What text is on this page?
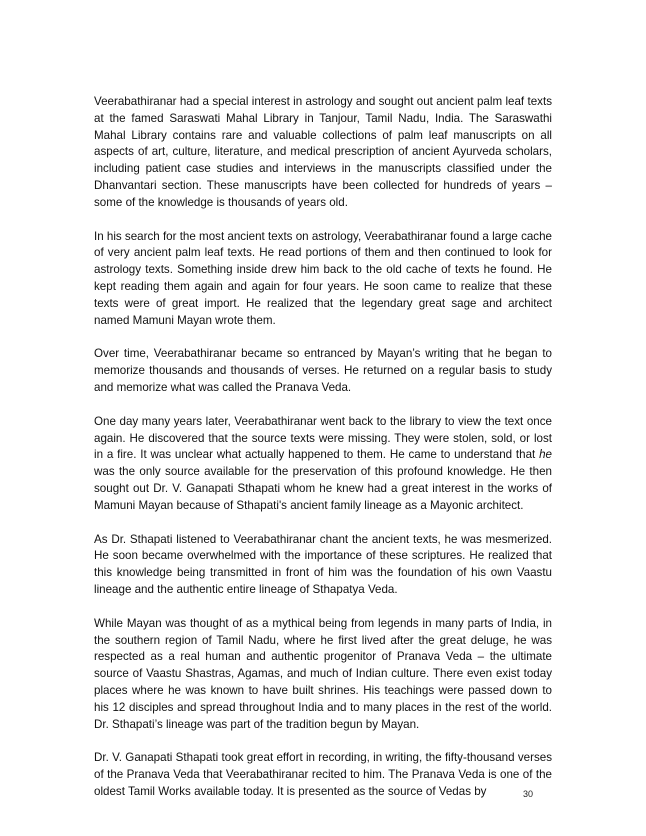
Veerabathiranar had a special interest in astrology and sought out ancient palm leaf texts at the famed Saraswati Mahal Library in Tanjour, Tamil Nadu, India. The Saraswathi Mahal Library contains rare and valuable collections of palm leaf manuscripts on all aspects of art, culture, literature, and medical prescription of ancient Ayurveda scholars, including patient case studies and interviews in the manuscripts classified under the Dhanvantari section. These manuscripts have been collected for hundreds of years – some of the knowledge is thousands of years old.

In his search for the most ancient texts on astrology, Veerabathiranar found a large cache of very ancient palm leaf texts. He read portions of them and then continued to look for astrology texts. Something inside drew him back to the old cache of texts he found. He kept reading them again and again for four years. He soon came to realize that these texts were of great import. He realized that the legendary great sage and architect named Mamuni Mayan wrote them.

Over time, Veerabathiranar became so entranced by Mayan’s writing that he began to memorize thousands and thousands of verses. He returned on a regular basis to study and memorize what was called the Pranava Veda.

One day many years later, Veerabathiranar went back to the library to view the text once again. He discovered that the source texts were missing. They were stolen, sold, or lost in a fire. It was unclear what actually happened to them. He came to understand that he was the only source available for the preservation of this profound knowledge. He then sought out Dr. V. Ganapati Sthapati whom he knew had a great interest in the works of Mamuni Mayan because of Sthapati's ancient family lineage as a Mayonic architect.

As Dr. Sthapati listened to Veerabathiranar chant the ancient texts, he was mesmerized. He soon became overwhelmed with the importance of these scriptures. He realized that this knowledge being transmitted in front of him was the foundation of his own Vaastu lineage and the authentic entire lineage of Sthapatya Veda.

While Mayan was thought of as a mythical being from legends in many parts of India, in the southern region of Tamil Nadu, where he first lived after the great deluge, he was respected as a real human and authentic progenitor of Pranava Veda – the ultimate source of Vaastu Shastras, Agamas, and much of Indian culture. There even exist today places where he was known to have built shrines. His teachings were passed down to his 12 disciples and spread throughout India and to many places in the rest of the world. Dr. Sthapati’s lineage was part of the tradition begun by Mayan.

Dr. V. Ganapati Sthapati took great effort in recording, in writing, the fifty-thousand verses of the Pranava Veda that Veerabathiranar recited to him. The Pranava Veda is one of the oldest Tamil Works available today. It is presented as the source of Vedas by	30
